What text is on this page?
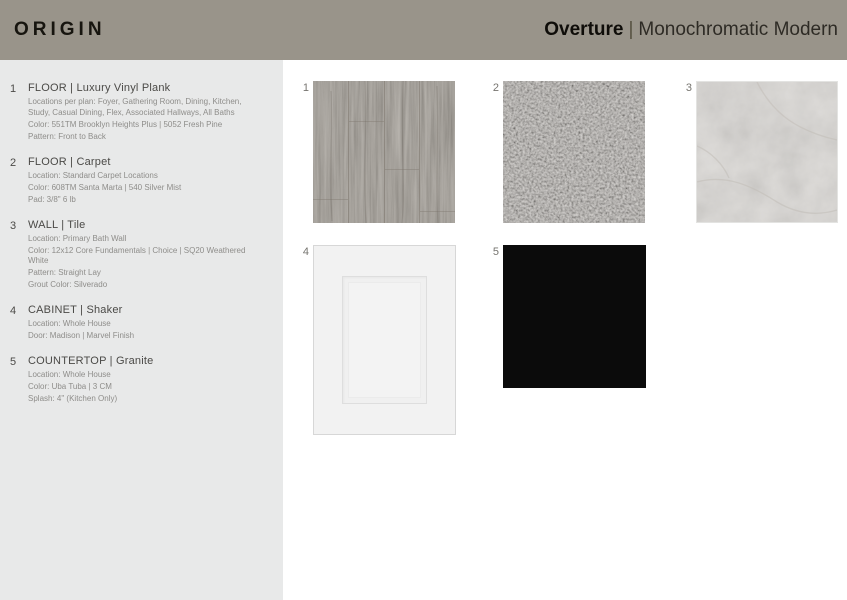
ORIGIN	Overture | Monochromatic Modern
1	FLOOR | Luxury Vinyl Plank
Locations per plan: Foyer, Gathering Room, Dining, Kitchen, Study, Casual Dining, Flex, Associated Hallways, All Baths
Color: 551TM Brooklyn Heights Plus | 5052 Fresh Pine
Pattern: Front to Back
2	FLOOR | Carpet
Location: Standard Carpet Locations
Color: 608TM Santa Marta | 540 Silver Mist
Pad: 3/8" 6 lb
3	WALL | Tile
Location: Primary Bath Wall
Color: 12x12 Core Fundamentals | Choice | SQ20 Weathered White
Pattern: Straight Lay
Grout Color: Silverado
4	CABINET | Shaker
Location: Whole House
Door: Madison | Marvel Finish
5	COUNTERTOP | Granite
Location: Whole House
Color: Uba Tuba | 3 CM
Splash: 4" (Kitchen Only)
1	2	3
4	5
